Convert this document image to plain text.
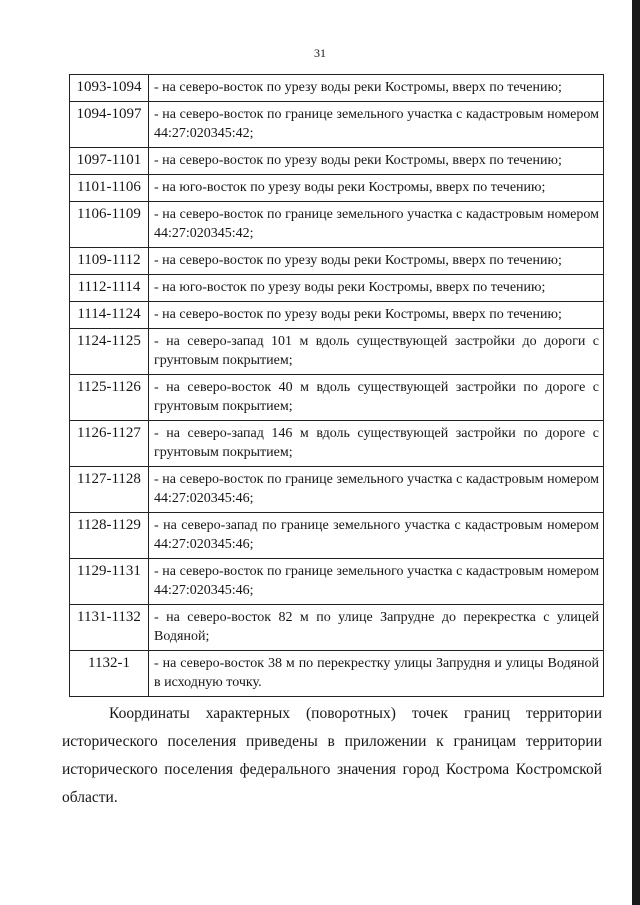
31
1093-1094	- на северо-восток по урезу воды реки Костромы, вверх по течению;
1094-1097	- на северо-восток по границе земельного участка с кадастровым номером 44:27:020345:42;
1097-1101	- на северо-восток по урезу воды реки Костромы, вверх по течению;
1101-1106	- на юго-восток по урезу воды реки Костромы, вверх по течению;
1106-1109	- на северо-восток по границе земельного участка с кадастровым номером 44:27:020345:42;
1109-1112	- на северо-восток по урезу воды реки Костромы, вверх по течению;
1112-1114	- на юго-восток по урезу воды реки Костромы, вверх по течению;
1114-1124	- на северо-восток по урезу воды реки Костромы, вверх по течению;
1124-1125	- на северо-запад 101 м вдоль существующей застройки до дороги с грунтовым покрытием;
1125-1126	- на северо-восток 40 м вдоль существующей застройки по дороге с грунтовым покрытием;
1126-1127	- на северо-запад 146 м вдоль существующей застройки по дороге с грунтовым покрытием;
1127-1128	- на северо-восток по границе земельного участка с кадастровым номером 44:27:020345:46;
1128-1129	- на северо-запад по границе земельного участка с кадастровым номером 44:27:020345:46;
1129-1131	- на северо-восток по границе земельного участка с кадастровым номером 44:27:020345:46;
1131-1132	- на северо-восток 82 м по улице Запрудне до перекрестка с улицей Водяной;
1132-1	- на северо-восток 38 м по перекрестку улицы Запрудня и улицы Водяной в исходную точку.

Координаты характерных (поворотных) точек границ территории исторического поселения приведены в приложении к границам территории исторического поселения федерального значения город Кострома Костромской области.
